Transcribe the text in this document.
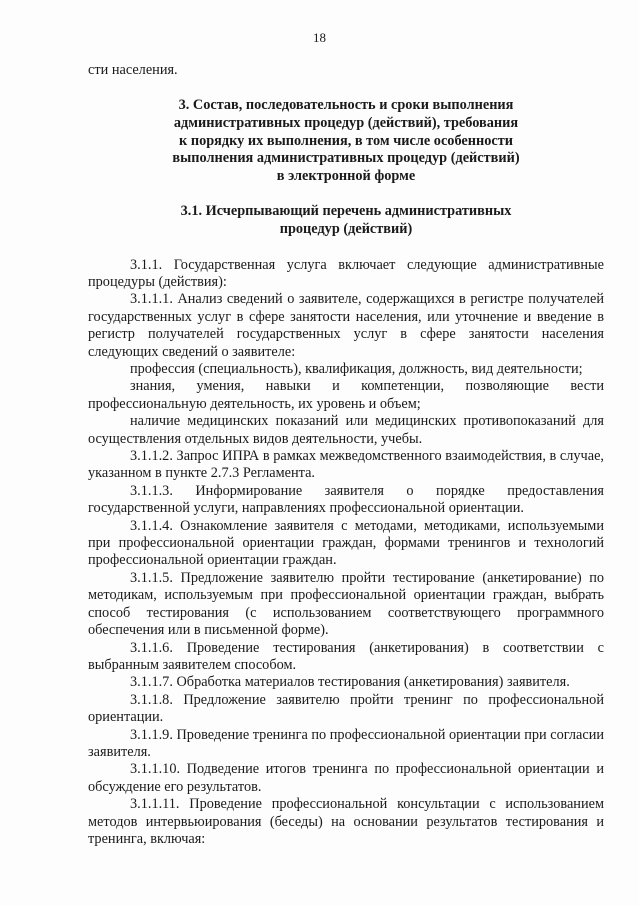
18

сти населения.

3. Состав, последовательность и сроки выполнения
административных процедур (действий), требования
к порядку их выполнения, в том числе особенности
выполнения административных процедур (действий)
в электронной форме
3.1. Исчерпывающий перечень административных
процедур (действий)

3.1.1. Государственная услуга включает следующие административные процедуры (действия):

3.1.1.1. Анализ сведений о заявителе, содержащихся в регистре получателей государственных услуг в сфере занятости населения, или уточнение и введение в регистр получателей государственных услуг в сфере занятости населения следующих сведений о заявителе:

профессия (специальность), квалификация, должность, вид деятельности;

знания, умения, навыки и компетенции, позволяющие вести профессиональную деятельность, их уровень и объем;

наличие медицинских показаний или медицинских противопоказаний для осуществления отдельных видов деятельности, учебы.

3.1.1.2. Запрос ИПРА в рамках межведомственного взаимодействия, в случае, указанном в пункте 2.7.3 Регламента.

3.1.1.3. Информирование заявителя о порядке предоставления государственной услуги, направлениях профессиональной ориентации.

3.1.1.4. Ознакомление заявителя с методами, методиками, используемыми при профессиональной ориентации граждан, формами тренингов и технологий профессиональной ориентации граждан.

3.1.1.5. Предложение заявителю пройти тестирование (анкетирование) по методикам, используемым при профессиональной ориентации граждан, выбрать способ тестирования (с использованием соответствующего программного обеспечения или в письменной форме).

3.1.1.6. Проведение тестирования (анкетирования) в соответствии с выбранным заявителем способом.

3.1.1.7. Обработка материалов тестирования (анкетирования) заявителя.

3.1.1.8. Предложение заявителю пройти тренинг по профессиональной ориентации.

3.1.1.9. Проведение тренинга по профессиональной ориентации при согласии заявителя.

3.1.1.10. Подведение итогов тренинга по профессиональной ориентации и обсуждение его результатов.

3.1.1.11. Проведение профессиональной консультации с использованием методов интервьюирования (беседы) на основании результатов тестирования и тренинга, включая:
